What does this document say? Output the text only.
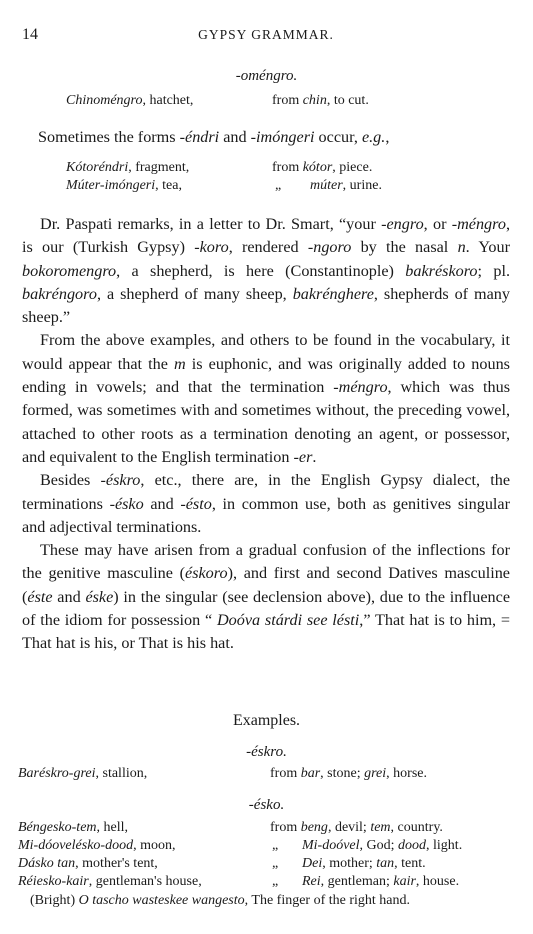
14	GYPSY GRAMMAR.
-oméngro.
Chinoméngro, hatchet,	from chin, to cut.
Sometimes the forms -éndri and -imóngeri occur, e.g.,
Kótoréndri, fragment,	from kótor, piece.
Múter-imóngeri, tea,	„ múter, urine.

Dr. Paspati remarks, in a letter to Dr. Smart, “your -engro, or -méngro, is our (Turkish Gypsy) -koro, rendered -ngoro by the nasal n. Your bokoromengro, a shepherd, is here (Constantinople) bakréskoro; pl. bakréngoro, a shepherd of many sheep, bakrénghere, shepherds of many sheep.”

From the above examples, and others to be found in the vocabulary, it would appear that the m is euphonic, and was originally added to nouns ending in vowels; and that the termination -méngro, which was thus formed, was sometimes with and sometimes without, the preceding vowel, attached to other roots as a termination denoting an agent, or possessor, and equivalent to the English termination -er.

Besides -éskro, etc., there are, in the English Gypsy dialect, the terminations -ésko and -ésto, in common use, both as genitives singular and adjectival terminations.

These may have arisen from a gradual confusion of the inflections for the genitive masculine (éskoro), and first and second Datives masculine (éste and éske) in the singular (see declension above), due to the influence of the idiom for possession “ Doóva stárdi see lésti,” That hat is to him, = That hat is his, or That is his hat.

Examples.
-éskro.
Baréskro-grei, stallion,	from bar, stone; grei, horse.
-ésko.
Béngesko-tem, hell,	from beng, devil; tem, country.
Mi-dóovelésko-dood, moon,	„ Mi-doóvel, God; dood, light.
Dásko tan, mother's tent,	„ Dei, mother; tan, tent.
Réiesko-kair, gentleman's house,	„ Rei, gentleman; kair, house.
(Bright) O tascho wasteskee wangesto, The finger of the right hand.
